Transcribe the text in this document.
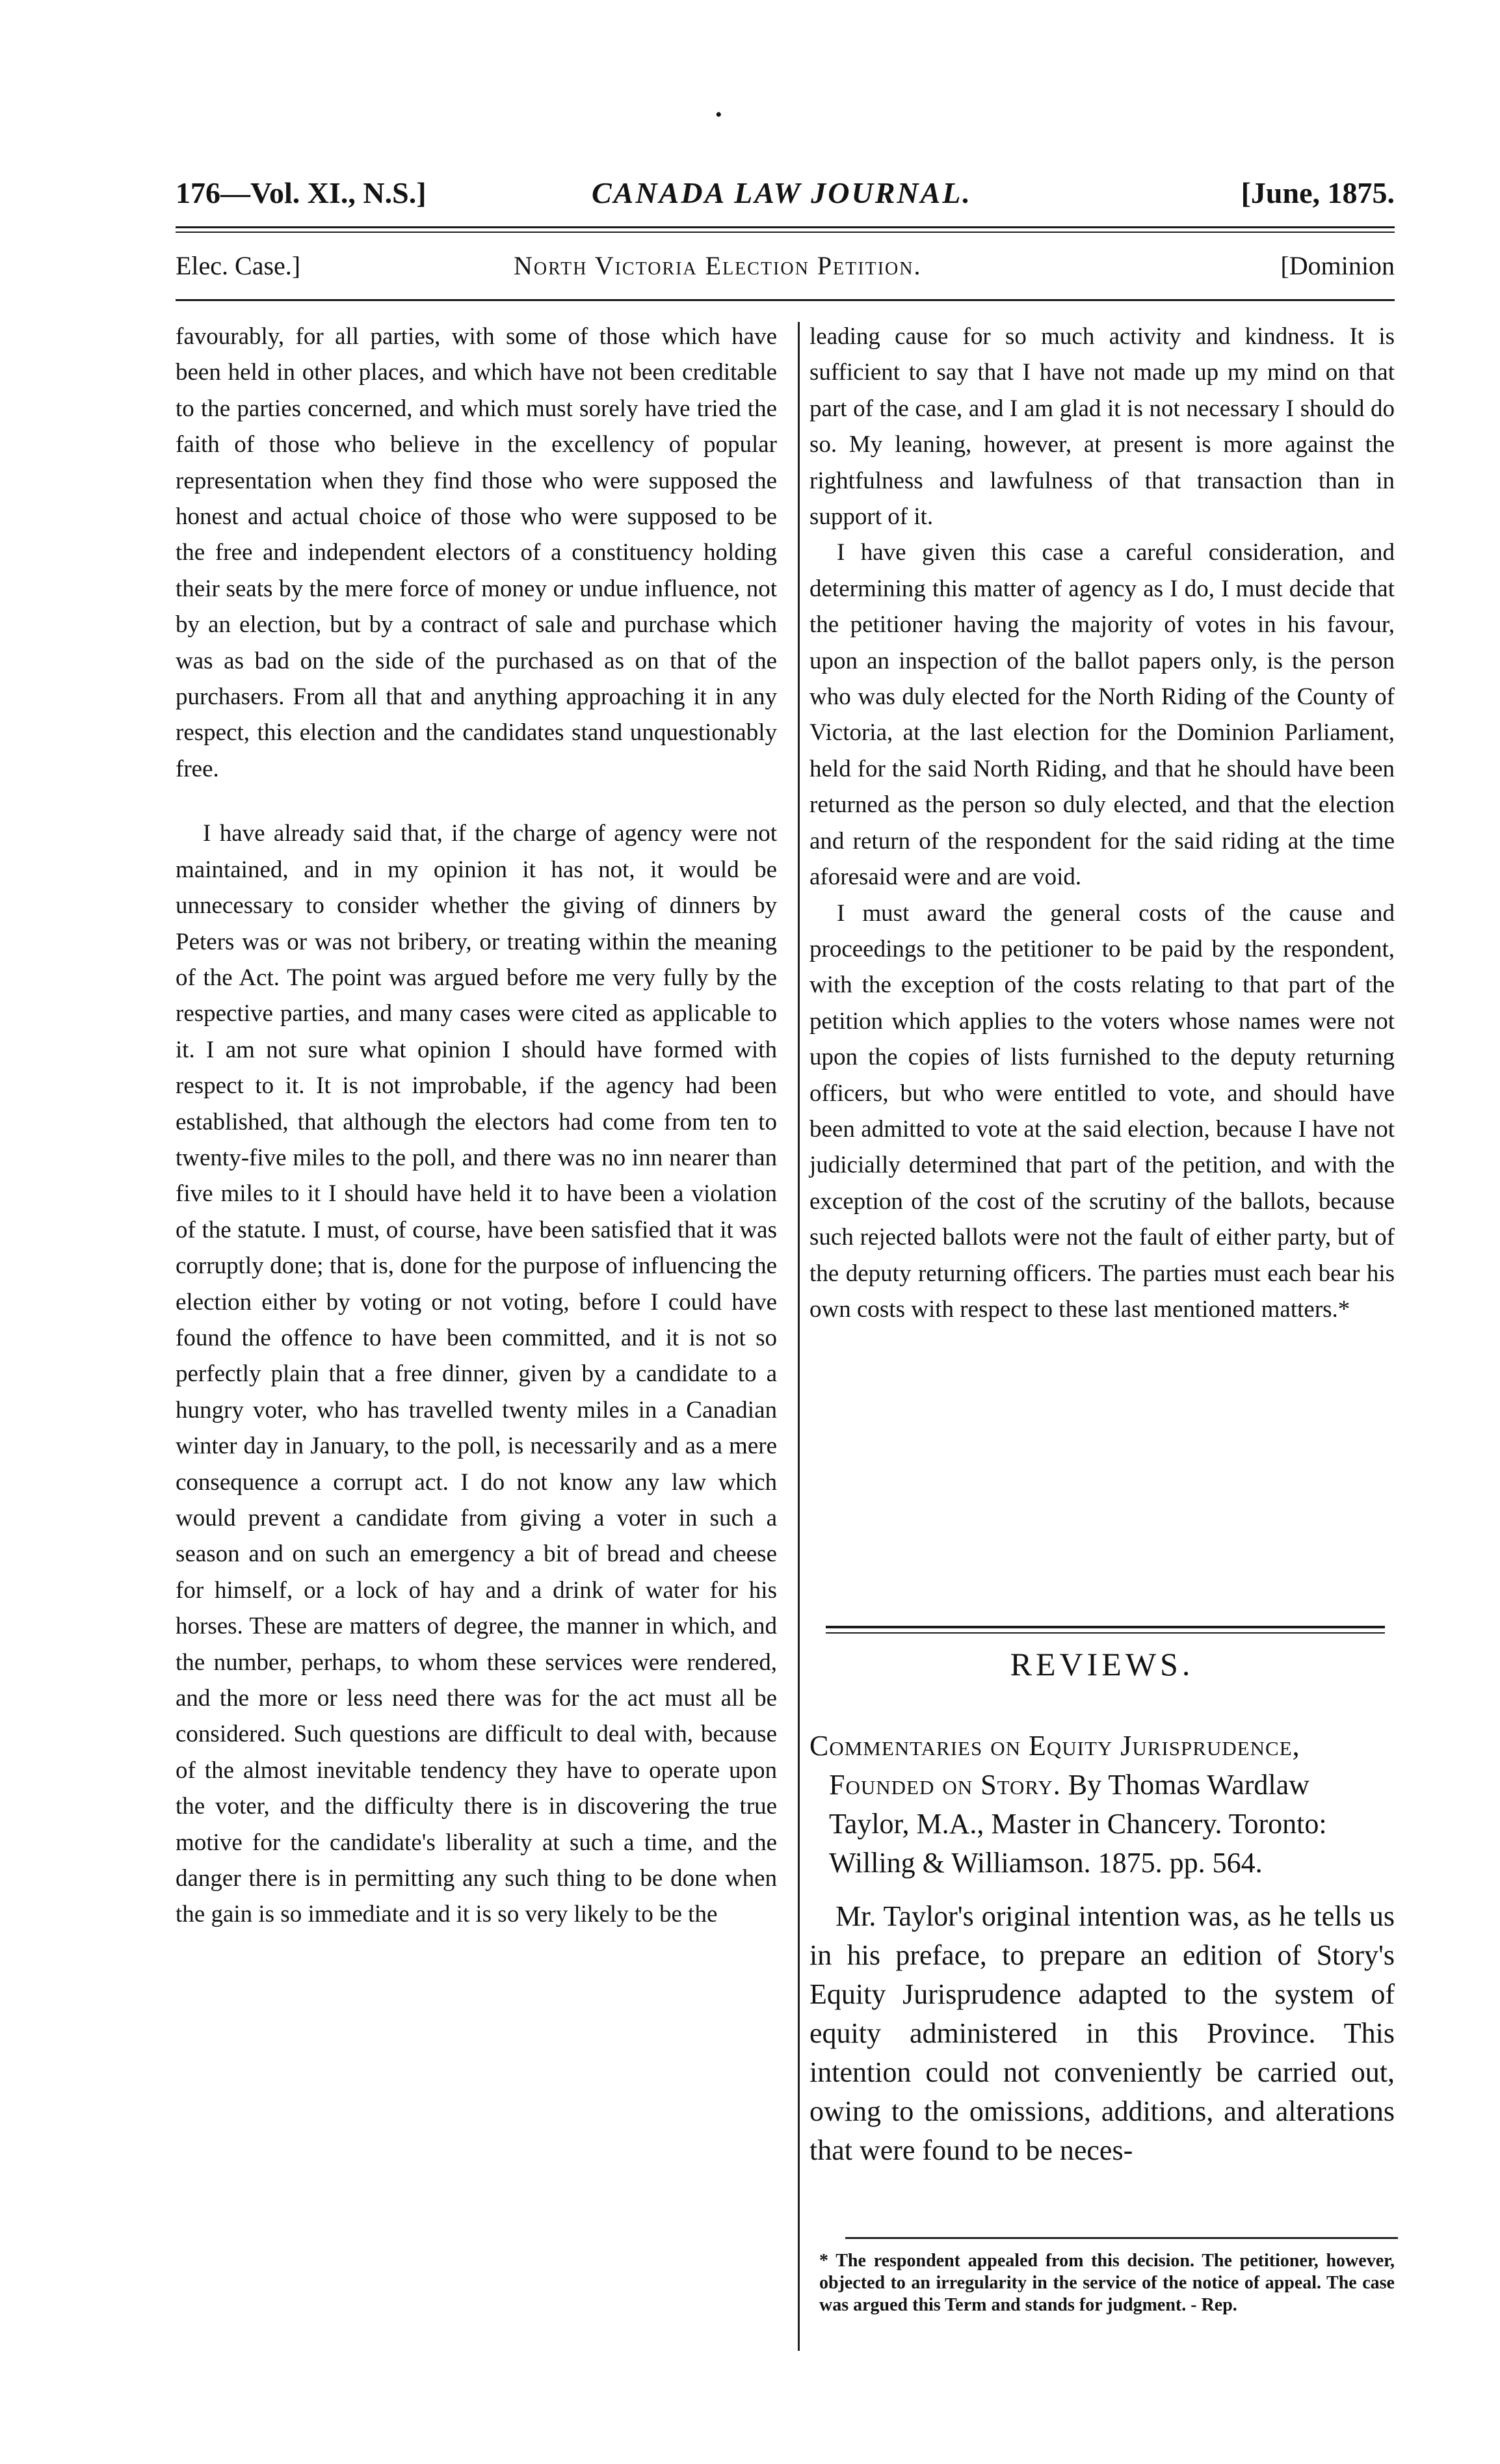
•
176—Vol. XI., N.S.]	CANADA LAW JOURNAL.	[June, 1875.
Elec. Case.]	North Victoria Election Petition.	[Dominion

favourably, for all parties, with some of those which have been held in other places, and which have not been creditable to the parties concerned, and which must sorely have tried the faith of those who believe in the excellency of popular representation when they find those who were supposed the honest and actual choice of those who were supposed to be the free and independent electors of a constituency holding their seats by the mere force of money or undue influence, not by an election, but by a contract of sale and purchase which was as bad on the side of the purchased as on that of the purchasers. From all that and anything approaching it in any respect, this election and the candidates stand unquestionably free.

I have already said that, if the charge of agency were not maintained, and in my opinion it has not, it would be unnecessary to consider whether the giving of dinners by Peters was or was not bribery, or treating within the meaning of the Act. The point was argued before me very fully by the respective parties, and many cases were cited as applicable to it. I am not sure what opinion I should have formed with respect to it. It is not improbable, if the agency had been established, that although the electors had come from ten to twenty-five miles to the poll, and there was no inn nearer than five miles to it I should have held it to have been a violation of the statute. I must, of course, have been satisfied that it was corruptly done; that is, done for the purpose of influencing the election either by voting or not voting, before I could have found the offence to have been committed, and it is not so perfectly plain that a free dinner, given by a candidate to a hungry voter, who has travelled twenty miles in a Canadian winter day in January, to the poll, is necessarily and as a mere consequence a corrupt act. I do not know any law which would prevent a candidate from giving a voter in such a season and on such an emergency a bit of bread and cheese for himself, or a lock of hay and a drink of water for his horses. These are matters of degree, the manner in which, and the number, perhaps, to whom these services were rendered, and the more or less need there was for the act must all be considered. Such questions are difficult to deal with, because of the almost inevitable tendency they have to operate upon the voter, and the difficulty there is in discovering the true motive for the candidate's liberality at such a time, and the danger there is in permitting any such thing to be done when the gain is so immediate and it is so very likely to be the

leading cause for so much activity and kindness. It is sufficient to say that I have not made up my mind on that part of the case, and I am glad it is not necessary I should do so. My leaning, however, at present is more against the rightfulness and lawfulness of that transaction than in support of it.

I have given this case a careful consideration, and determining this matter of agency as I do, I must decide that the petitioner having the majority of votes in his favour, upon an inspection of the ballot papers only, is the person who was duly elected for the North Riding of the County of Victoria, at the last election for the Dominion Parliament, held for the said North Riding, and that he should have been returned as the person so duly elected, and that the election and return of the respondent for the said riding at the time aforesaid were and are void.

I must award the general costs of the cause and proceedings to the petitioner to be paid by the respondent, with the exception of the costs relating to that part of the petition which applies to the voters whose names were not upon the copies of lists furnished to the deputy returning officers, but who were entitled to vote, and should have been admitted to vote at the said election, because I have not judicially determined that part of the petition, and with the exception of the cost of the scrutiny of the ballots, because such rejected ballots were not the fault of either party, but of the deputy returning officers. The parties must each bear his own costs with respect to these last mentioned matters.*

REVIEWS.

Commentaries on Equity Jurisprudence, Founded on Story. By Thomas Wardlaw Taylor, M.A., Master in Chancery. Toronto: Willing & Williamson. 1875. pp. 564.

Mr. Taylor's original intention was, as he tells us in his preface, to prepare an edition of Story's Equity Jurisprudence adapted to the system of equity administered in this Province. This intention could not conveniently be carried out, owing to the omissions, additions, and alterations that were found to be neces-

* The respondent appealed from this decision. The petitioner, however, objected to an irregularity in the service of the notice of appeal. The case was argued this Term and stands for judgment. - Rep.
